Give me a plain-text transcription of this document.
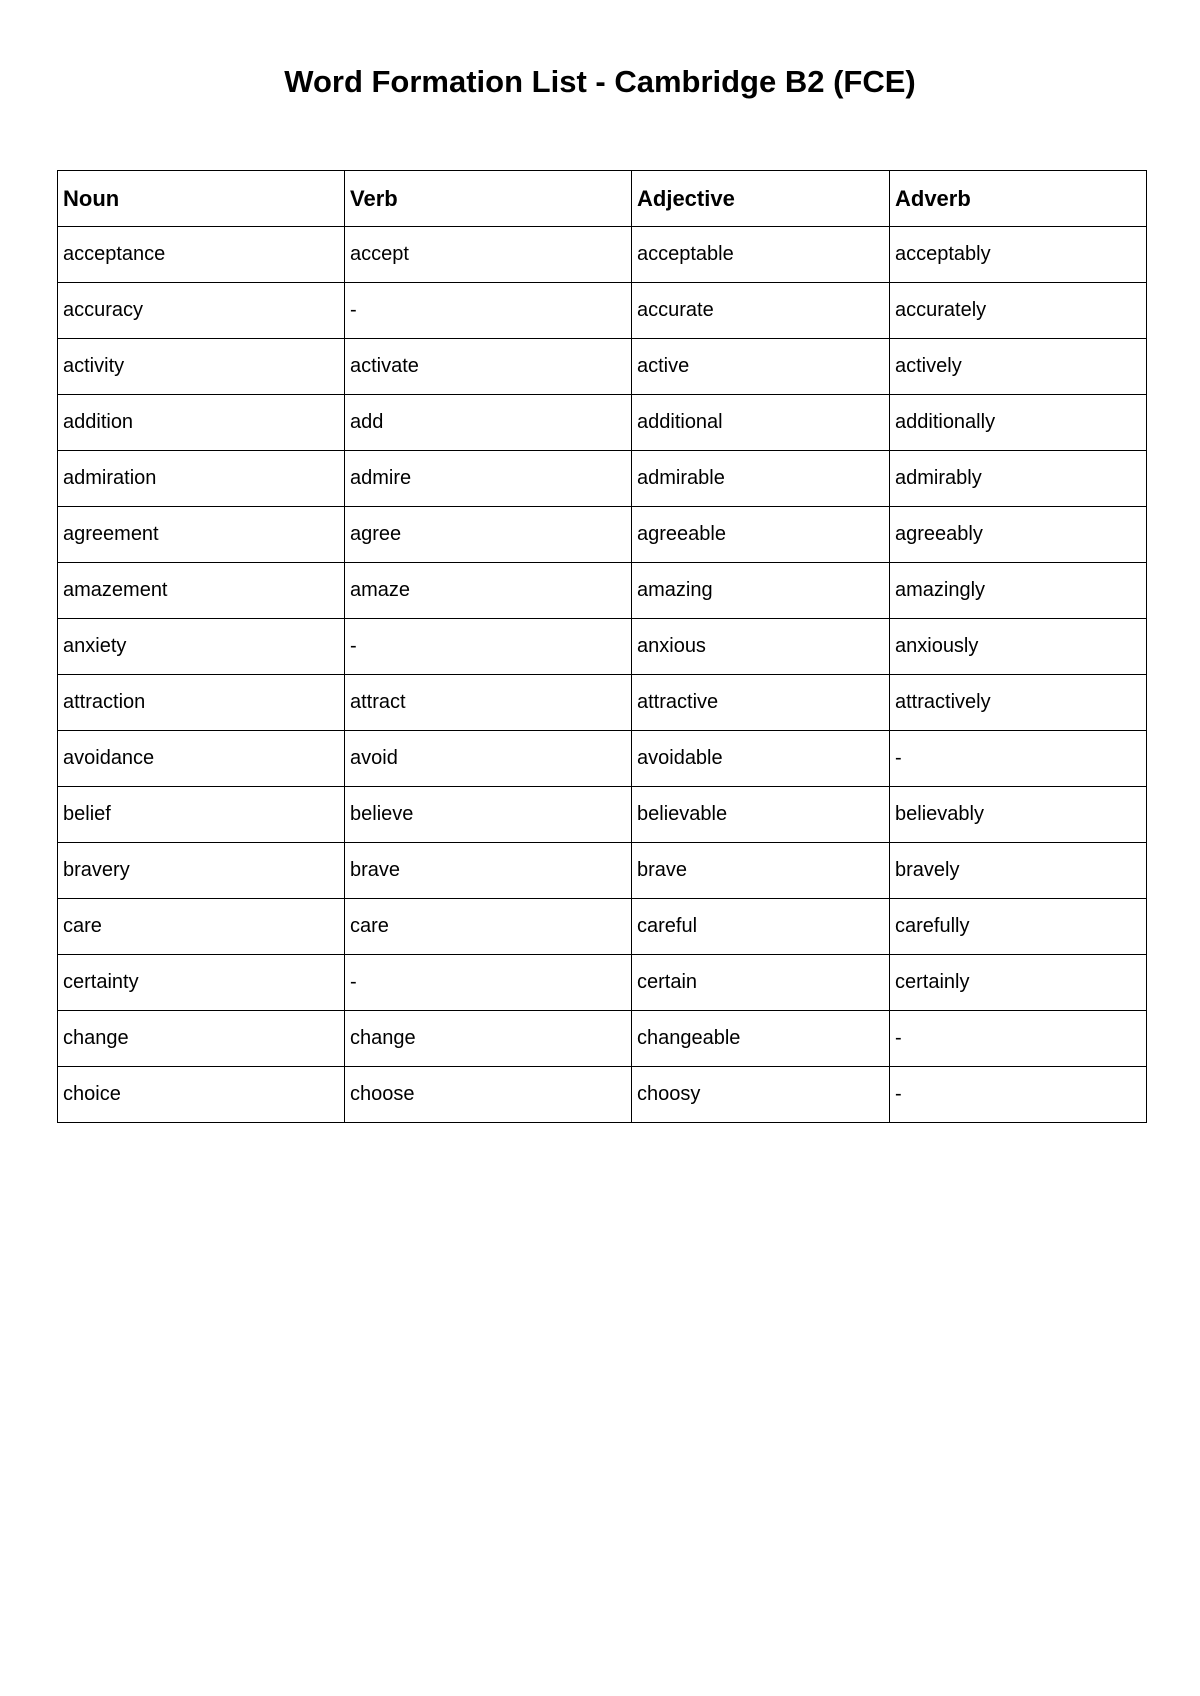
Word Formation List - Cambridge B2 (FCE)
Noun	Verb	Adjective	Adverb
acceptance	accept	acceptable	acceptably
accuracy	-	accurate	accurately
activity	activate	active	actively
addition	add	additional	additionally
admiration	admire	admirable	admirably
agreement	agree	agreeable	agreeably
amazement	amaze	amazing	amazingly
anxiety	-	anxious	anxiously
attraction	attract	attractive	attractively
avoidance	avoid	avoidable	-
belief	believe	believable	believably
bravery	brave	brave	bravely
care	care	careful	carefully
certainty	-	certain	certainly
change	change	changeable	-
choice	choose	choosy	-
